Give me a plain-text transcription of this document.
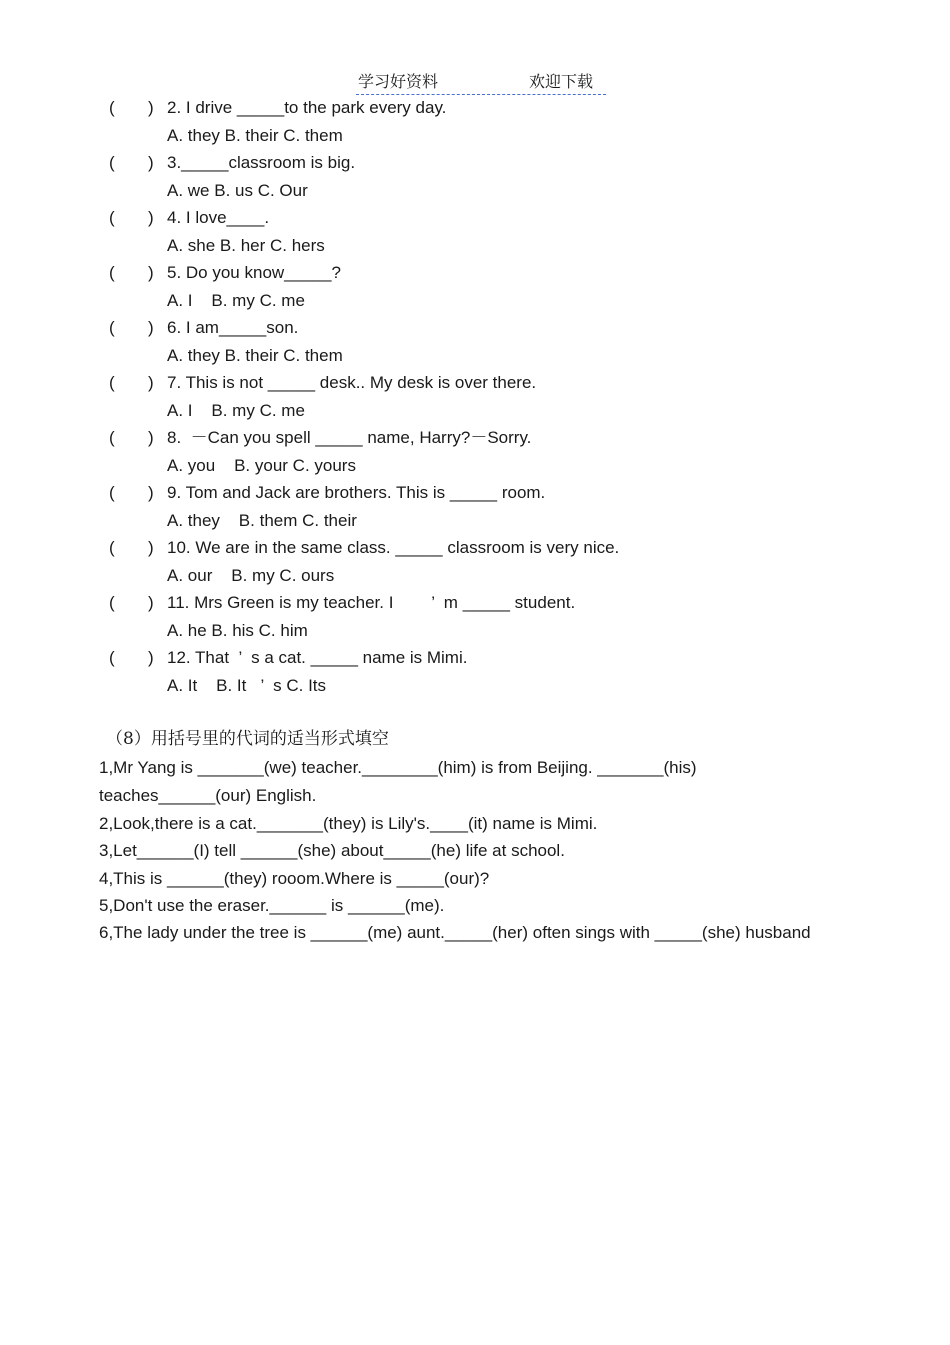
学习好资料	欢迎下载
( ) 2. I drive _____to the park every day.
A. they B. their C. them
( ) 3._____classroom is big.
A. we B. us C. Our
( ) 4. I love____.
A. she B. her C. hers
( ) 5. Do you know_____?
A. I    B. my C. me
( ) 6. I am_____son.
A. they B. their C. them
( ) 7. This is not _____ desk.. My desk is over there.
A. I    B. my C. me
( ) 8.  －Can you spell _____ name, Harry?－Sorry.
A. you    B. your C. yours
( ) 9. Tom and Jack are brothers. This is _____ room.
A. they    B. them C. their
( ) 10. We are in the same class. _____ classroom is very nice.
A. our    B. my C. ours
( ) 11. Mrs Green is my teacher. I        ’  m _____ student.
A. he B. his C. him
( ) 12. That  ’  s a cat. _____ name is Mimi.
A. It    B. It   ’  s C. Its
（8）用括号里的代词的适当形式填空
1,Mr Yang is _______(we) teacher.________(him) is from Beijing. _______(his)
teaches______(our) English.
2,Look,there is a cat._______(they) is Lily's.____(it) name is Mimi.
3,Let______(I) tell ______(she) about_____(he) life at school.
4,This is ______(they) rooom.Where is _____(our)?
5,Don't use the eraser.______ is ______(me).
6,The lady under the tree is ______(me) aunt._____(her) often sings with _____(she) husband
